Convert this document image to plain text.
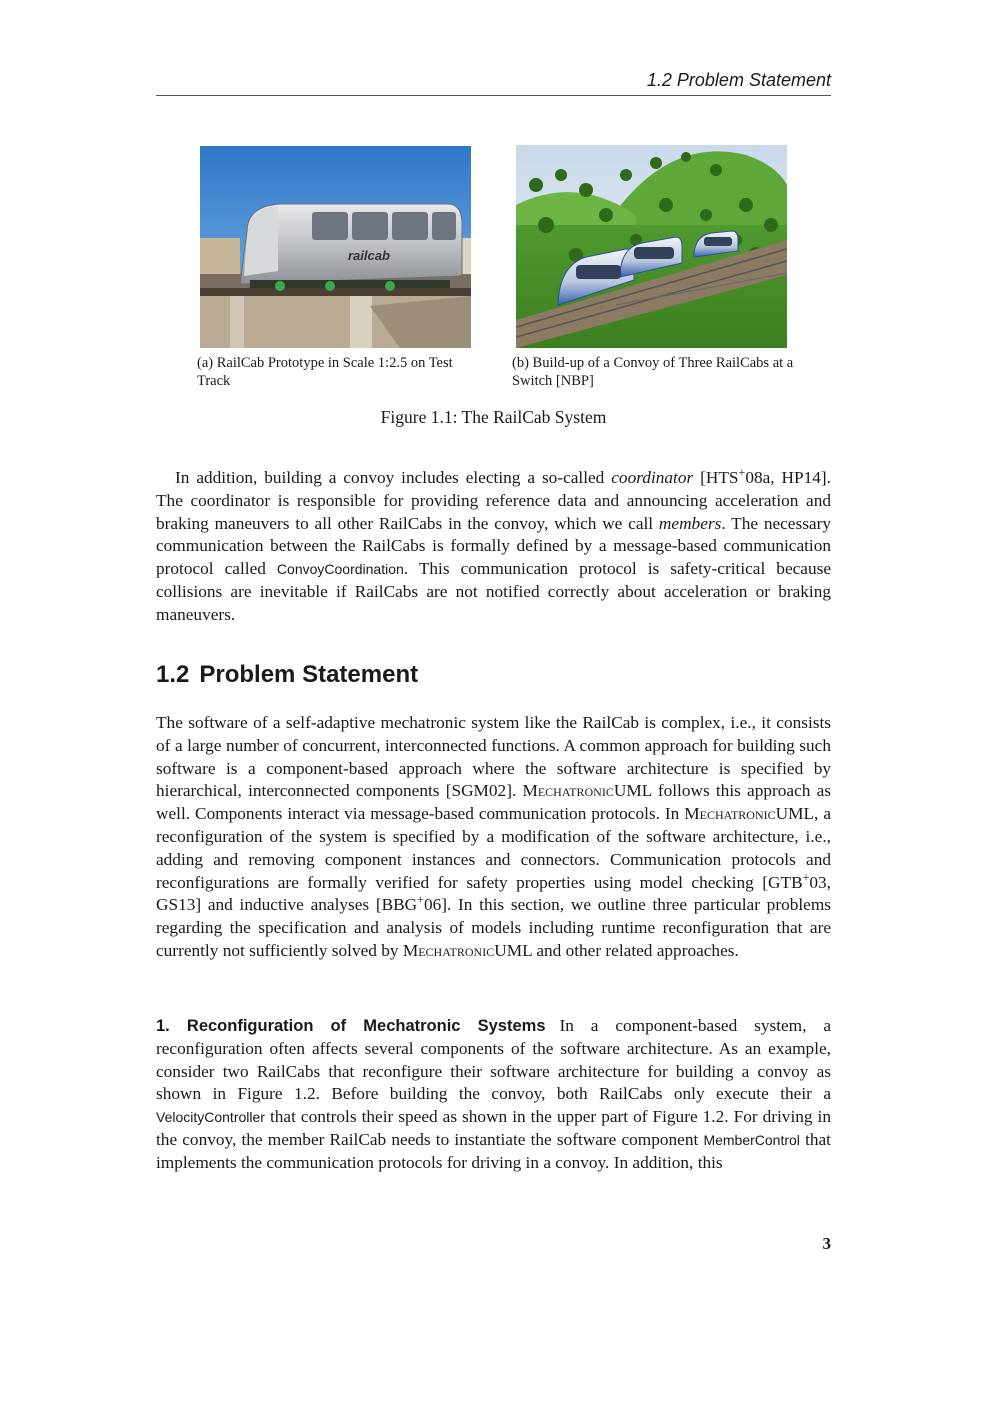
1.2 Problem Statement
railcab
(a) RailCab Prototype in Scale 1:2.5 on Test Track
(b) Build-up of a Convoy of Three RailCabs at a Switch [NBP]
Figure 1.1: The RailCab System
In addition, building a convoy includes electing a so-called coordinator [HTS+08a, HP14]. The coordinator is responsible for providing reference data and announcing acceleration and braking maneuvers to all other RailCabs in the convoy, which we call members. The necessary communication between the RailCabs is formally defined by a message-based communication protocol called ConvoyCoordination. This communication protocol is safety-critical because collisions are inevitable if RailCabs are not notified correctly about acceleration or braking maneuvers.
1.2 Problem Statement
The software of a self-adaptive mechatronic system like the RailCab is complex, i.e., it consists of a large number of concurrent, interconnected functions. A common approach for building such software is a component-based approach where the software architecture is specified by hierarchical, interconnected components [SGM02]. MechatronicUML follows this approach as well. Components interact via message-based communication protocols. In MechatronicUML, a reconfiguration of the system is specified by a modification of the software architecture, i.e., adding and removing component instances and connectors. Communication protocols and reconfigurations are formally verified for safety properties using model checking [GTB+03, GS13] and inductive analyses [BBG+06]. In this section, we outline three particular problems regarding the specification and analysis of models including runtime reconfiguration that are currently not sufficiently solved by MechatronicUML and other related approaches.
1. Reconfiguration of Mechatronic Systems In a component-based system, a reconfiguration often affects several components of the software architecture. As an example, consider two RailCabs that reconfigure their software architecture for building a convoy as shown in Figure 1.2. Before building the convoy, both RailCabs only execute their a VelocityController that controls their speed as shown in the upper part of Figure 1.2. For driving in the convoy, the member RailCab needs to instantiate the software component MemberControl that implements the communication protocols for driving in a convoy. In addition, this
3
